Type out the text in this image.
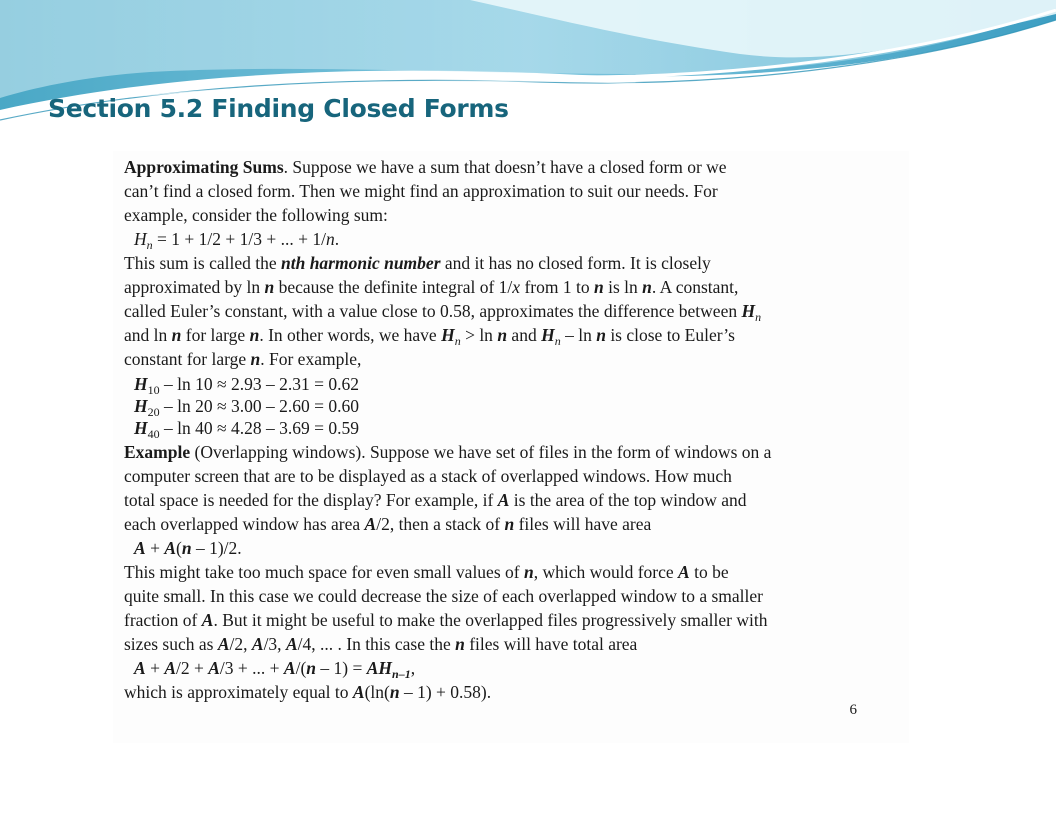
Section 5.2 Finding Closed Forms
Approximating Sums. Suppose we have a sum that doesn’t have a closed form or we
can’t find a closed form. Then we might find an approximation to suit our needs. For
example, consider the following sum:
$H_n = 1 + 1/2 + 1/3$ + ... + 1/n.
This sum is called the nth harmonic number and it has no closed form. It is closely
approximated by ln n because the definite integral of 1/x from 1 to n is ln n. A constant,
called Euler’s constant, with a value close to 0.58, approximates the difference between $H_n$
and ln n for large n. In other words, we have $H_n > \ln n$ and $H_n$ – ln n is close to Euler’s
constant for large n. For example,
$H_{10} - \ln 10 \approx 2.93 - 2.31 = 0.62$
$H_{20} - \ln 20 \approx 3.00 - 2.60 = 0.60$
$H_{40} - \ln 40 \approx 4.28 - 3.69 = 0.59$
Example (Overlapping windows). Suppose we have set of files in the form of windows on a
computer screen that are to be displayed as a stack of overlapped windows. How much
total space is needed for the display? For example, if A is the area of the top window and
each overlapped window has area A/2, then a stack of n files will have area
A + A(n – 1)/2.
This might take too much space for even small values of n, which would force A to be
quite small. In this case we could decrease the size of each overlapped window to a smaller
fraction of A. But it might be useful to make the overlapped files progressively smaller with
sizes such as A/2, A/3, A/4, ... . In this case the n files will have total area
A + A/2 + A/3 + ... + $A/(n - 1) = AH_{n-1}$,
which is approximately equal to A(ln(n – 1) + 0.58).
6
